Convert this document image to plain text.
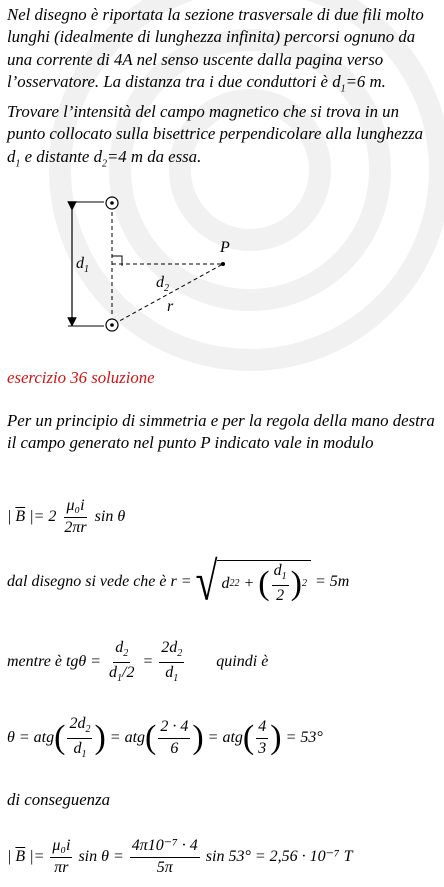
Nel disegno è riportata la sezione trasversale di due fili molto lunghi (idealmente di lunghezza infinita) percorsi ognuno da una corrente di 4A nel senso uscente dalla pagina verso l’osservatore. La distanza tra i due conduttori è $d_1=6$ m. Trovare l’intensità del campo magnetico che si trova in un punto collocato sulla bisettrice perpendicolare alla lunghezza $d_1$ e distante $d_2=4$ m da essa.

P
$d_1$
$d_2$
r

esercizio 36 soluzione

Per un principio di simmetria e per la regola della mano destra il campo generato nel punto P indicato vale in modulo

| $\overline{B}$ |= $2 \frac{\text{μ₀i}}{2\pi r}$ sin θ
dal disegno si vede che è r = √ d 2 2 + ( $\frac{d_1}{2}$ ) 2 = 5m
mentre è $tg\theta = \frac{d_2}{d_1/2} = \frac{2d_2}{d_1}$ quindi è
$\theta = atg( \frac{2d_2}{d_1}$ ) = $atg( \frac{2 \cdot 4}{6}$ ) = $atg( \frac{4}{3}$ ) = 53°

di conseguenza

| $\overline{B}$ |= $\frac{\text{μ₀i}}{\pi r}$ $\sin \theta = \frac{\text{4π10⁻⁷ · 4}}{5\pi}$ sin 53° = 2,56 · 10⁻⁷ T
